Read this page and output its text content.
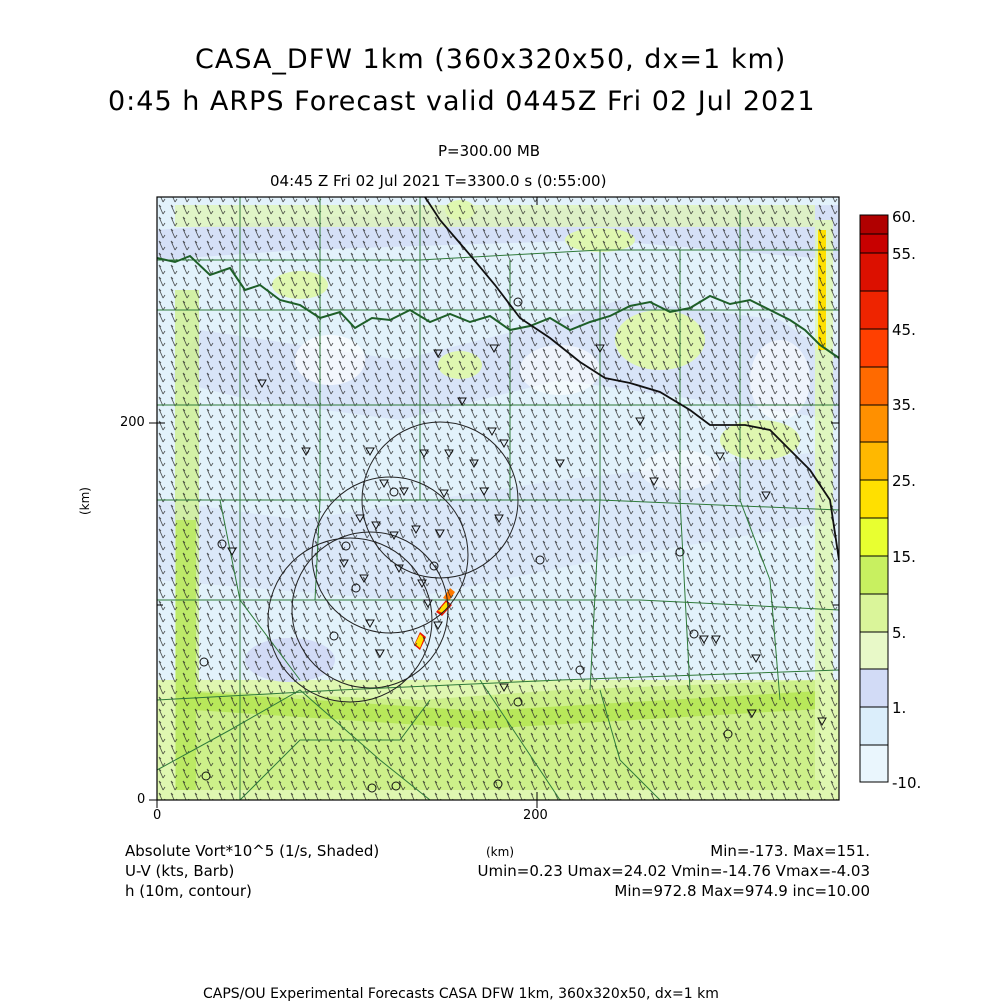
CASA_DFW 1km (360x320x50, dx=1 km)
0:45 h ARPS Forecast valid 0445Z Fri 02 Jul 2021
P=300.00 MB
04:45 Z Fri 02 Jul 2021 T=3300.0 s (0:55:00)
0	200
0
200
(km)
(km)
60.
55.
45.
35.
25.
15.
5.
1.
-10.
Absolute Vort*10^5 (1/s, Shaded)
U-V (kts, Barb)
h (10m, contour)
Min=-173. Max=151.
Umin=0.23 Umax=24.02 Vmin=-14.76 Vmax=-4.03
Min=972.8 Max=974.9 inc=10.00
CAPS/OU Experimental Forecasts CASA DFW 1km, 360x320x50, dx=1 km
